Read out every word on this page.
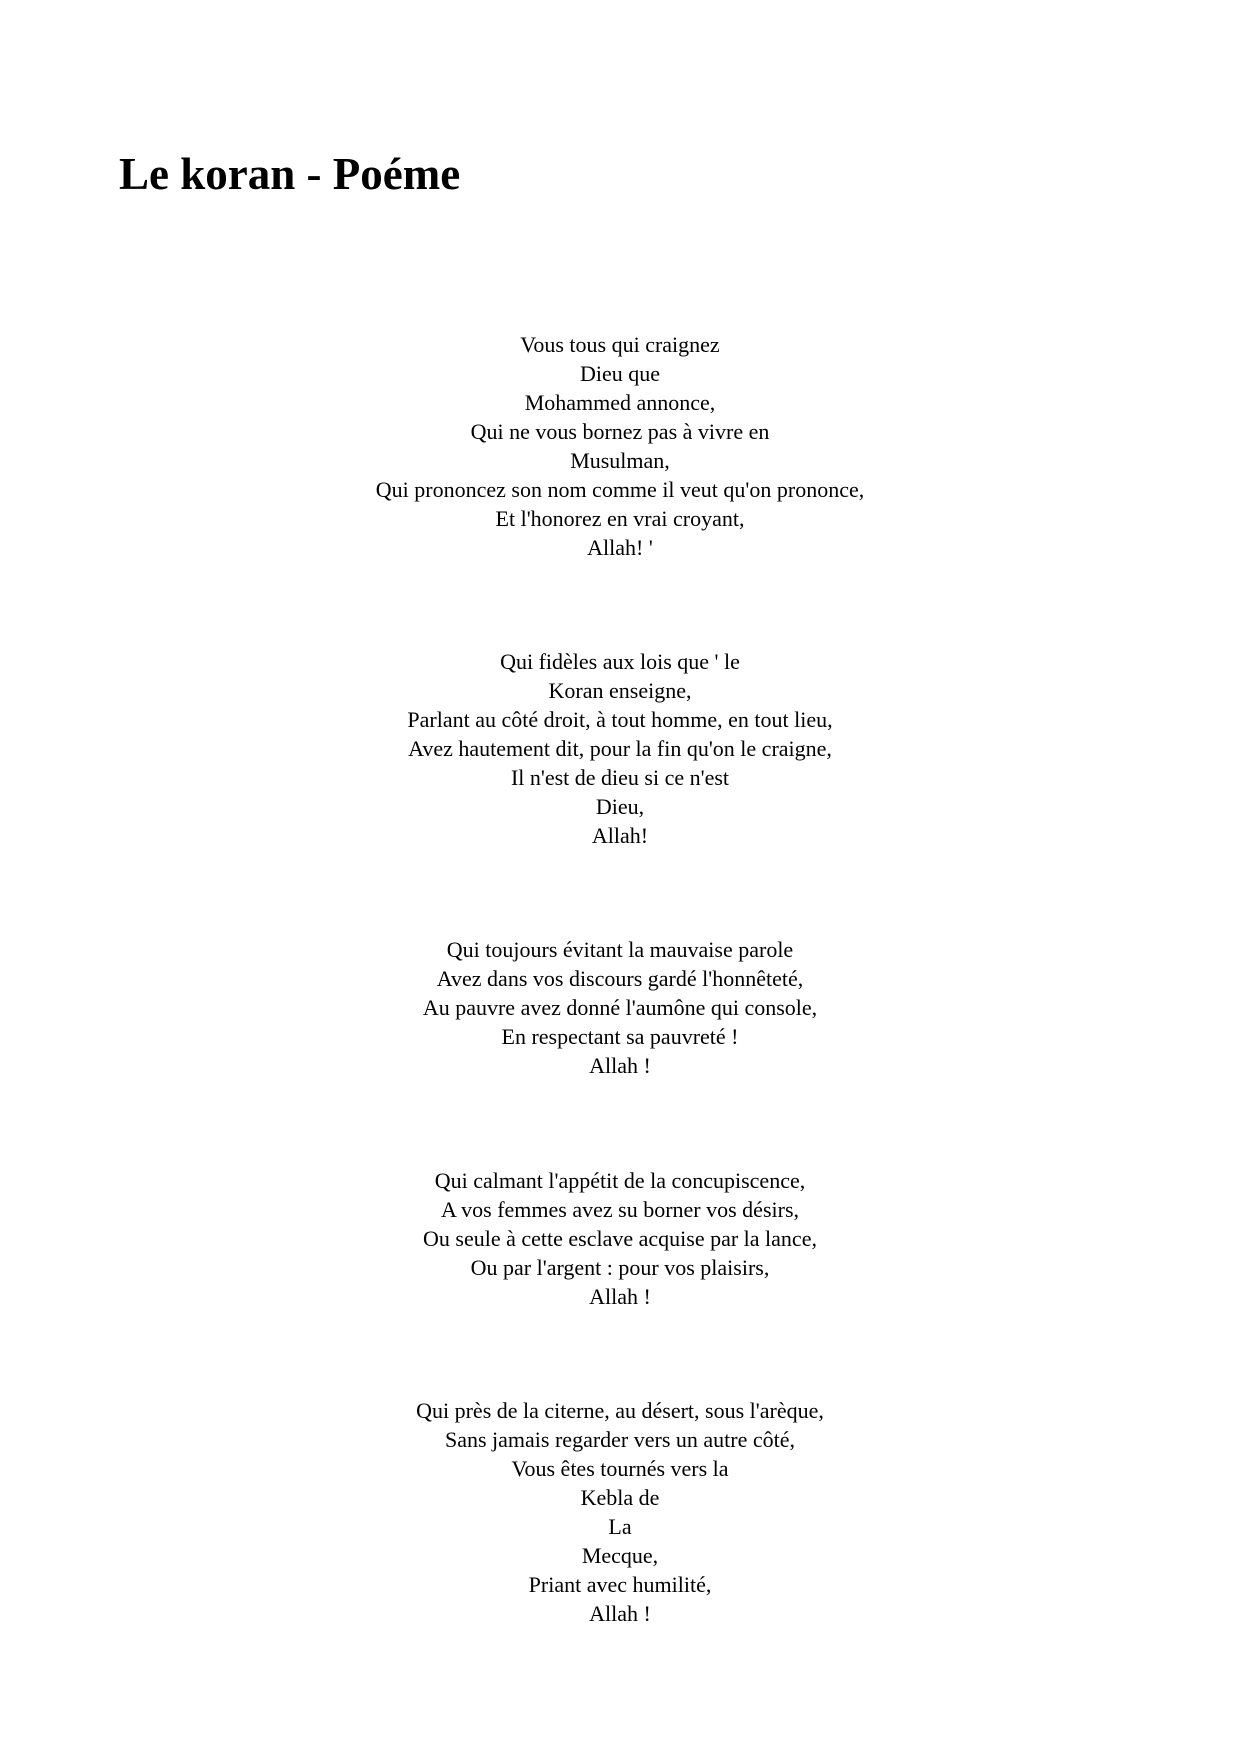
Le koran - Poéme
Vous tous qui craignez
Dieu que
Mohammed annonce,
Qui ne vous bornez pas à vivre en
Musulman,
Qui prononcez son nom comme il veut qu'on prononce,
Et l'honorez en vrai croyant,
Allah! '
Qui fidèles aux lois que ' le
Koran enseigne,
Parlant au côté droit, à tout homme, en tout lieu,
Avez hautement dit, pour la fin qu'on le craigne,
Il n'est de dieu si ce n'est
Dieu,
Allah!
Qui toujours évitant la mauvaise parole
Avez dans vos discours gardé l'honnêteté,
Au pauvre avez donné l'aumône qui console,
En respectant sa pauvreté !
Allah !
Qui calmant l'appétit de la concupiscence,
A vos femmes avez su borner vos désirs,
Ou seule à cette esclave acquise par la lance,
Ou par l'argent : pour vos plaisirs,
Allah !
Qui près de la citerne, au désert, sous l'arèque,
Sans jamais regarder vers un autre côté,
Vous êtes tournés vers la
Kebla de
La
Mecque,
Priant avec humilité,
Allah !
